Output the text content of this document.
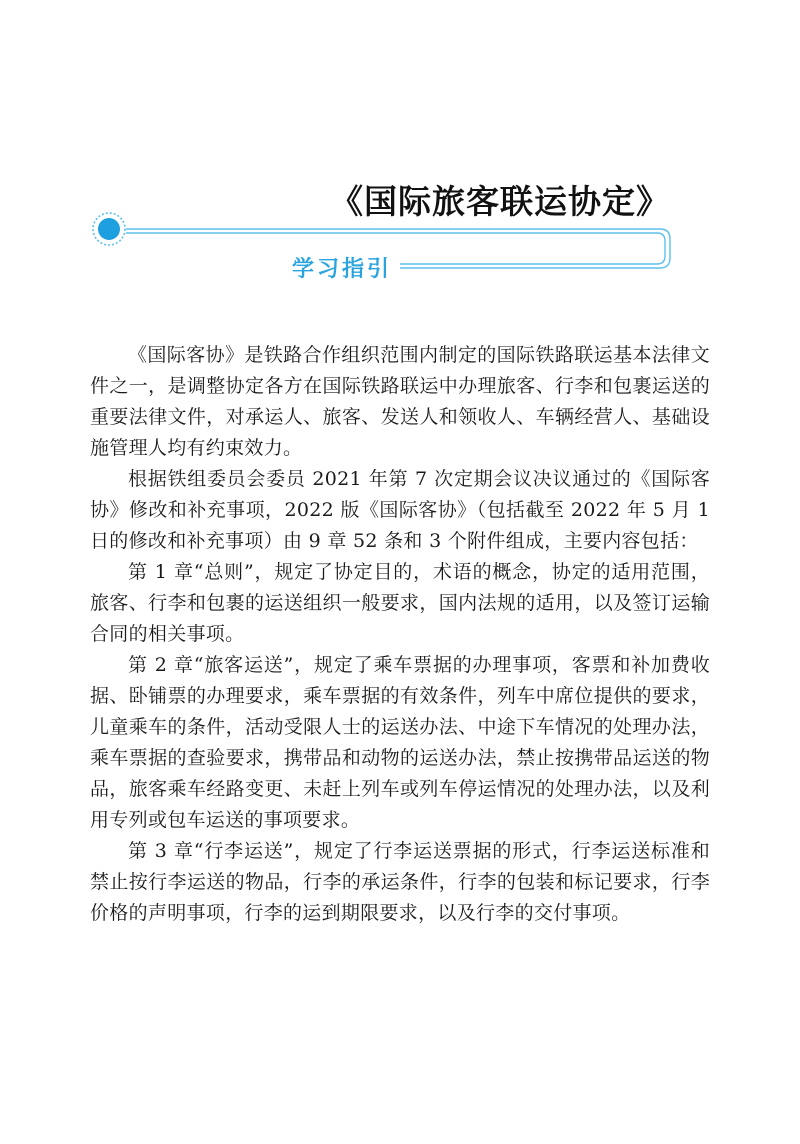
《国际旅客联运协定》
学习指引

《国际客协》是铁路合作组织范围内制定的国际铁路联运基本法律文件之一，是调整协定各方在国际铁路联运中办理旅客、行李和包裹运送的重要法律文件，对承运人、旅客、发送人和领收人、车辆经营人、基础设施管理人均有约束效力。

根据铁组委员会委员 2021 年第 7 次定期会议决议通过的《国际客协》修改和补充事项，2022 版《国际客协》（包括截至 2022 年 5 月 1 日的修改和补充事项）由 9 章 52 条和 3 个附件组成，主要内容包括：

第 1 章“总则”，规定了协定目的，术语的概念，协定的适用范围，旅客、行李和包裹的运送组织一般要求，国内法规的适用，以及签订运输合同的相关事项。

第 2 章“旅客运送”，规定了乘车票据的办理事项，客票和补加费收据、卧铺票的办理要求，乘车票据的有效条件，列车中席位提供的要求，儿童乘车的条件，活动受限人士的运送办法、中途下车情况的处理办法，乘车票据的查验要求，携带品和动物的运送办法，禁止按携带品运送的物品，旅客乘车经路变更、未赶上列车或列车停运情况的处理办法，以及利用专列或包车运送的事项要求。

第 3 章“行李运送”，规定了行李运送票据的形式，行李运送标准和禁止按行李运送的物品，行李的承运条件，行李的包装和标记要求，行李价格的声明事项，行李的运到期限要求，以及行李的交付事项。
